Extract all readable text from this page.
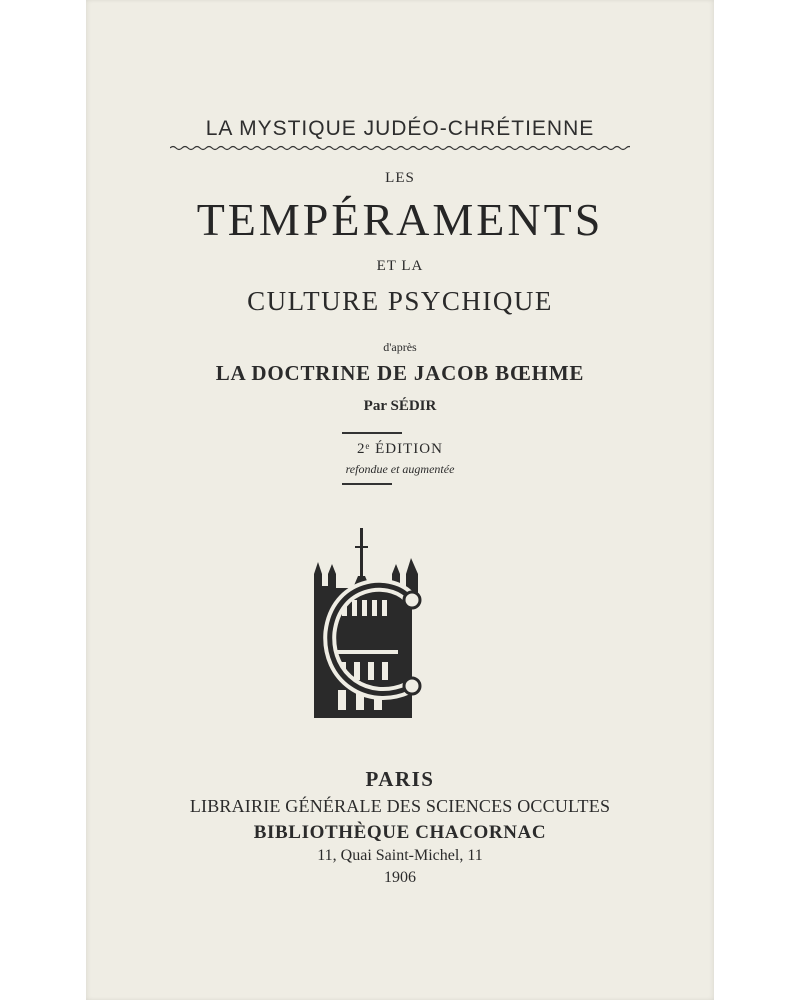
LA MYSTIQUE JUDÉO-CHRÉTIENNE
LES
TEMPÉRAMENTS
ET LA
CULTURE PSYCHIQUE
d'après
LA DOCTRINE DE JACOB BŒHME
Par SÉDIR
2ᵉ ÉDITION
refondue et augmentée
PARIS
LIBRAIRIE GÉNÉRALE DES SCIENCES OCCULTES
BIBLIOTHÈQUE CHACORNAC
11, Quai Saint-Michel, 11
1906
